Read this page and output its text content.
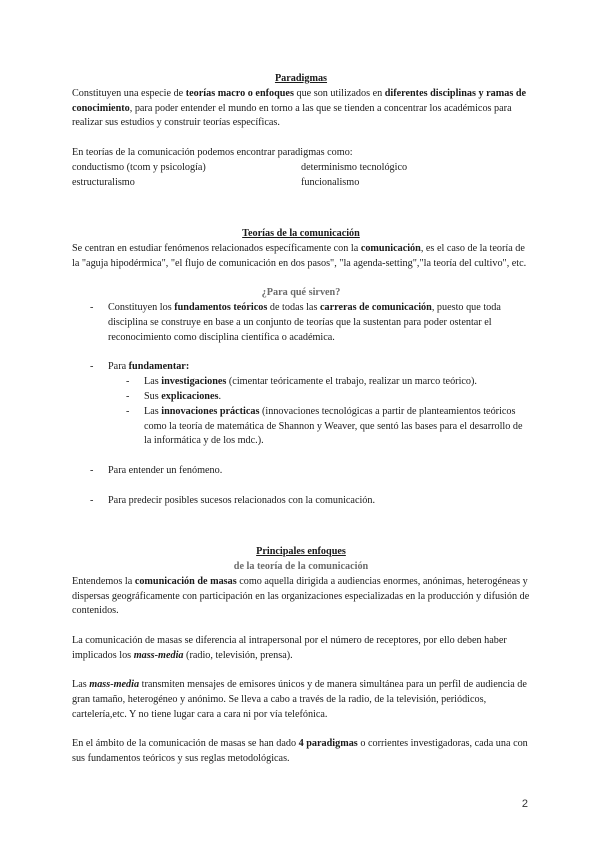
Paradigmas

Constituyen una especie de teorías macro o enfoques que son utilizados en diferentes disciplinas y ramas de conocimiento, para poder entender el mundo en torno a las que se tienden a concentrar los académicos para realizar sus estudios y construir teorías específicas.

En teorías de la comunicación podemos encontrar paradigmas como:

conductismo (tcom y psicología)	determinismo tecnológico
estructuralismo	funcionalismo

Teorías de la comunicación

Se centran en estudiar fenómenos relacionados específicamente con la comunicación, es el caso de la teoría de la "aguja hipodérmica", "el flujo de comunicación en dos pasos", "la agenda-setting","la teoría del cultivo", etc.

¿Para qué sirven?

- Constituyen los fundamentos teóricos de todas las carreras de comunicación, puesto que toda disciplina se construye en base a un conjunto de teorías que la sustentan para poder ostentar el reconocimiento como disciplina científica o académica.
- Para fundamentar:
- Las investigaciones (cimentar teóricamente el trabajo, realizar un marco teórico).
- Sus explicaciones.
- Las innovaciones prácticas (innovaciones tecnológicas a partir de planteamientos teóricos como la teoría de matemática de Shannon y Weaver, que sentó las bases para el desarrollo de la informática y de los mdc.).
- Para entender un fenómeno.
- Para predecir posibles sucesos relacionados con la comunicación.

Principales enfoques

de la teoría de la comunicación

Entendemos la comunicación de masas como aquella dirigida a audiencias enormes, anónimas, heterogéneas y dispersas geográficamente con participación en las organizaciones especializadas en la producción y difusión de contenidos.

La comunicación de masas se diferencia al intrapersonal por el número de receptores, por ello deben haber implicados los mass-media (radio, televisión, prensa).

Las mass-media transmiten mensajes de emisores únicos y de manera simultánea para un perfil de audiencia de gran tamaño, heterogéneo y anónimo. Se lleva a cabo a través de la radio, de la televisión, periódicos, cartelería,etc. Y no tiene lugar cara a cara ni por vía telefónica.

En el ámbito de la comunicación de masas se han dado 4 paradigmas o corrientes investigadoras, cada una con sus fundamentos teóricos y sus reglas metodológicas.

2
